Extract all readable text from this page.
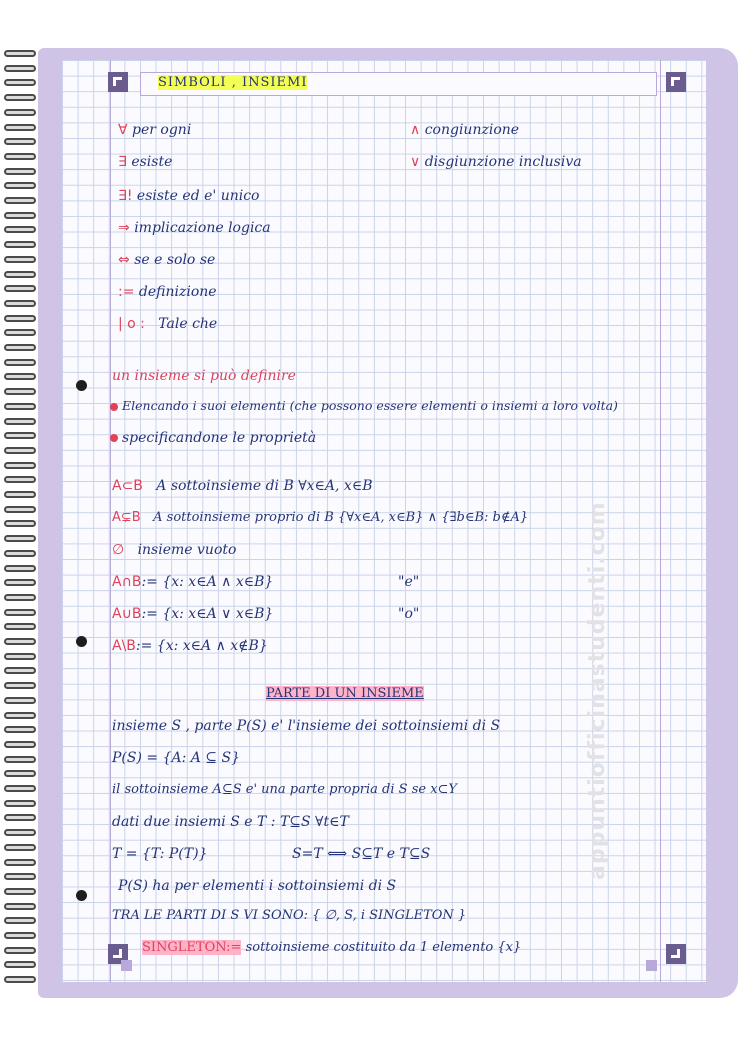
appuntiofficinastudenti.com
SIMBOLI , INSIEMI
∀ per ogni
∃ esiste
∃! esiste ed e' unico
⇒ implicazione logica
⇔ se e solo se
:= definizione
| o : Tale che
∧ congiunzione
∨ disgiunzione inclusiva
un insieme si può definire
Elencando i suoi elementi (che possono essere elementi o insiemi a loro volta)
specificandone le proprietà
A⊂B A sottoinsieme di B ∀x∈A, x∈B
A⊊B A sottoinsieme proprio di B {∀x∈A, x∈B} ∧ {∃b∈B: b∉A}
∅ insieme vuoto
A∩B:= {x: x∈A ∧ x∈B}	"e"
A∪B:= {x: x∈A ∨ x∈B}	"o"
A\B:= {x: x∈A ∧ x∉B}
PARTE DI UN INSIEME
insieme S , parte P(S) e' l'insieme dei sottoinsiemi di S
P(S) = {A: A ⊆ S}
il sottoinsieme A⊆S e' una parte propria di S se x⊂Y
dati due insiemi S e T : T⊆S ∀t∈T
T = {T: P(T)}                   S=T ⟺ S⊆T e T⊆S
P(S) ha per elementi i sottoinsiemi di S
TRA LE PARTI DI S VI SONO: { ∅, S, i SINGLETON }
SINGLETON:= sottoinsieme costituito da 1 elemento {x}
